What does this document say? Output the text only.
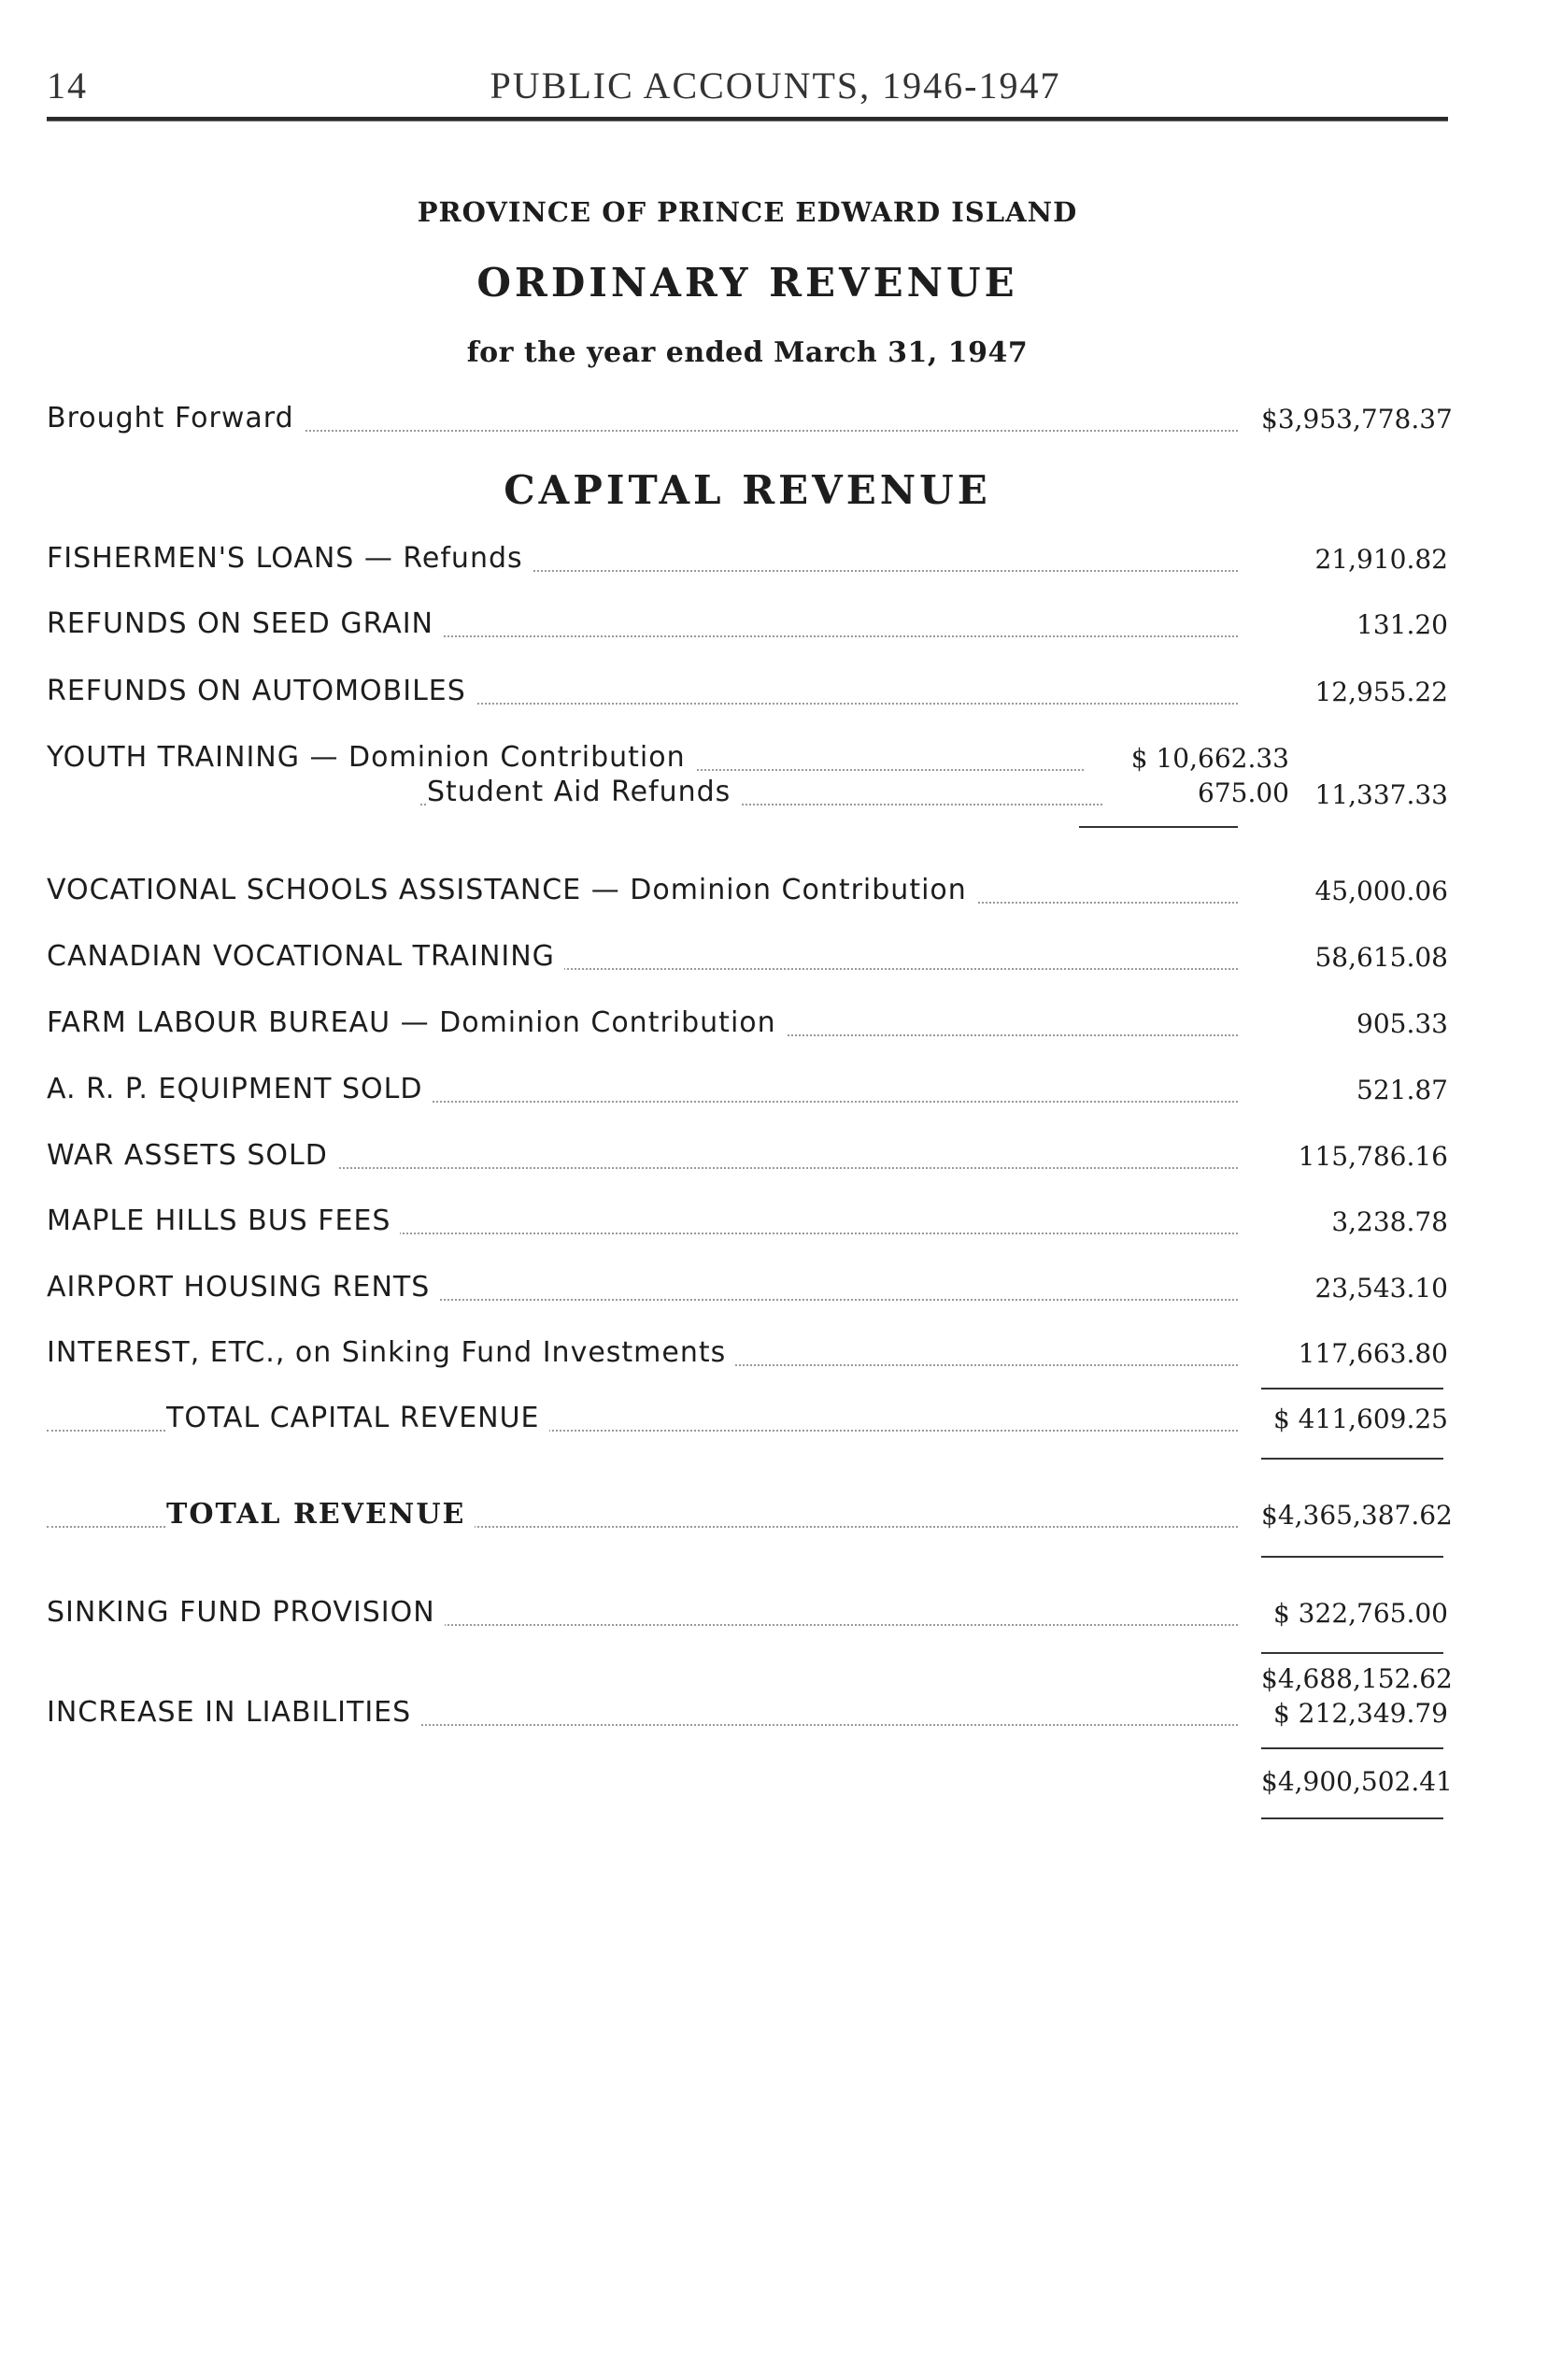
14	PUBLIC ACCOUNTS, 1946-1947
PROVINCE OF PRINCE EDWARD ISLAND
ORDINARY REVENUE
for the year ended March 31, 1947
Brought Forward	$3,953,778.37
CAPITAL REVENUE
FISHERMEN'S LOANS — Refunds	21,910.82
REFUNDS ON SEED GRAIN	131.20
REFUNDS ON AUTOMOBILES	12,955.22
YOUTH TRAINING — Dominion Contribution	$ 10,662.33
Student Aid Refunds	675.00 11,337.33
VOCATIONAL SCHOOLS ASSISTANCE — Dominion Contribution	45,000.06
CANADIAN VOCATIONAL TRAINING	58,615.08
FARM LABOUR BUREAU — Dominion Contribution	905.33
A. R. P. EQUIPMENT SOLD	521.87
WAR ASSETS SOLD	115,786.16
MAPLE HILLS BUS FEES	3,238.78
AIRPORT HOUSING RENTS	23,543.10
INTEREST, ETC., on Sinking Fund Investments	117,663.80
TOTAL CAPITAL REVENUE	$ 411,609.25
TOTAL REVENUE	$4,365,387.62
SINKING FUND PROVISION	$ 322,765.00
$4,688,152.62
INCREASE IN LIABILITIES	$ 212,349.79
$4,900,502.41
